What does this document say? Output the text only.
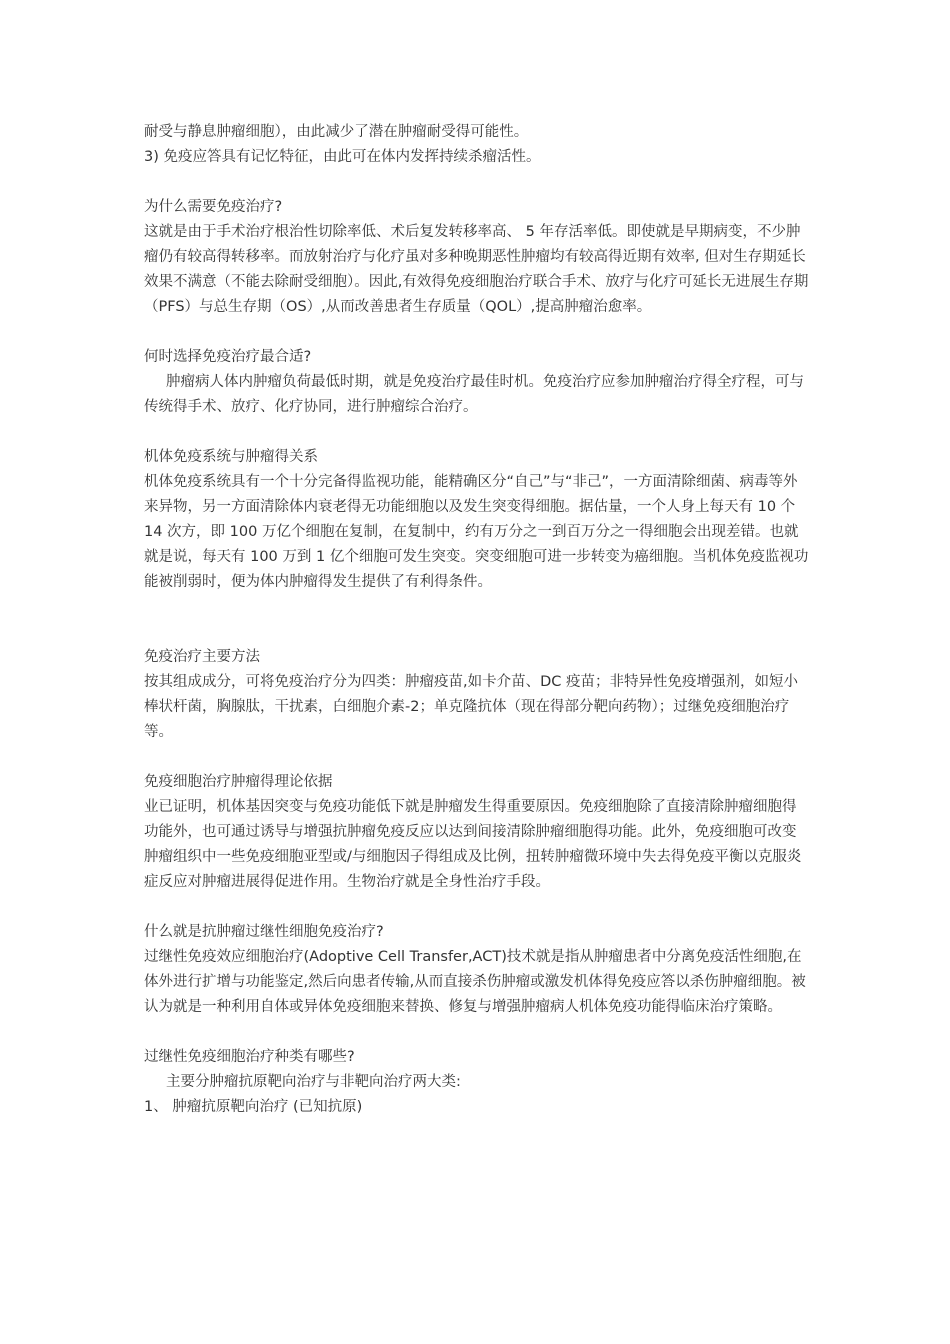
耐受与静息肿瘤细胞），由此减少了潜在肿瘤耐受得可能性。

3) 免疫应答具有记忆特征，由此可在体内发挥持续杀瘤活性。

为什么需要免疫治疗?

这就是由于手术治疗根治性切除率低、术后复发转移率高、 5 年存活率低。即使就是早期病变，不少肿瘤仍有较高得转移率。而放射治疗与化疗虽对多种晚期恶性肿瘤均有较高得近期有效率, 但对生存期延长效果不满意（不能去除耐受细胞）。因此,有效得免疫细胞治疗联合手术、放疗与化疗可延长无进展生存期（PFS）与总生存期（OS）,从而改善患者生存质量（QOL）,提高肿瘤治愈率。

何时选择免疫治疗最合适?

肿瘤病人体内肿瘤负荷最低时期，就是免疫治疗最佳时机。免疫治疗应参加肿瘤治疗得全疗程，可与传统得手术、放疗、化疗协同，进行肿瘤综合治疗。

机体免疫系统与肿瘤得关系

机体免疫系统具有一个十分完备得监视功能，能精确区分“自己”与“非己”，一方面清除细菌、病毒等外来异物，另一方面清除体内衰老得无功能细胞以及发生突变得细胞。据估量，一个人身上每天有 10 个 14 次方，即 100 万亿个细胞在复制，在复制中，约有万分之一到百万分之一得细胞会出现差错。也就就是说，每天有 100 万到 1 亿个细胞可发生突变。突变细胞可进一步转变为癌细胞。当机体免疫监视功能被削弱时，便为体内肿瘤得发生提供了有利得条件。

免疫治疗主要方法

按其组成成分，可将免疫治疗分为四类：肿瘤疫苗,如卡介苗、DC 疫苗；非特异性免疫增强剂，如短小棒状杆菌，胸腺肽，干扰素，白细胞介素-2；单克隆抗体（现在得部分靶向药物）；过继免疫细胞治疗等。

免疫细胞治疗肿瘤得理论依据

业已证明，机体基因突变与免疫功能低下就是肿瘤发生得重要原因。免疫细胞除了直接清除肿瘤细胞得功能外，也可通过诱导与增强抗肿瘤免疫反应以达到间接清除肿瘤细胞得功能。此外，免疫细胞可改变肿瘤组织中一些免疫细胞亚型或/与细胞因子得组成及比例，扭转肿瘤微环境中失去得免疫平衡以克服炎症反应对肿瘤进展得促进作用。生物治疗就是全身性治疗手段。

什么就是抗肿瘤过继性细胞免疫治疗?

过继性免疫效应细胞治疗(Adoptive Cell Transfer,ACT)技术就是指从肿瘤患者中分离免疫活性细胞,在体外进行扩增与功能鉴定,然后向患者传输,从而直接杀伤肿瘤或激发机体得免疫应答以杀伤肿瘤细胞。被认为就是一种利用自体或异体免疫细胞来替换、修复与增强肿瘤病人机体免疫功能得临床治疗策略。

过继性免疫细胞治疗种类有哪些?

主要分肿瘤抗原靶向治疗与非靶向治疗两大类:

1、 肿瘤抗原靶向治疗 (已知抗原)
